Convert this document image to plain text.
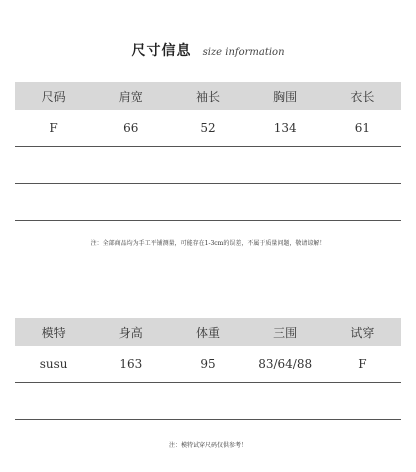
尺寸信息 size information
尺码	肩宽	袖长	胸围	衣长
F	66	52	134	61

注：全部商品均为手工平铺测量，可能存在1-3cm的误差，不属于质量问题，敬请谅解！
模特	身高	体重	三围	试穿
susu	163	95	83/64/88	F

注：模特试穿尺码仅供参考！
